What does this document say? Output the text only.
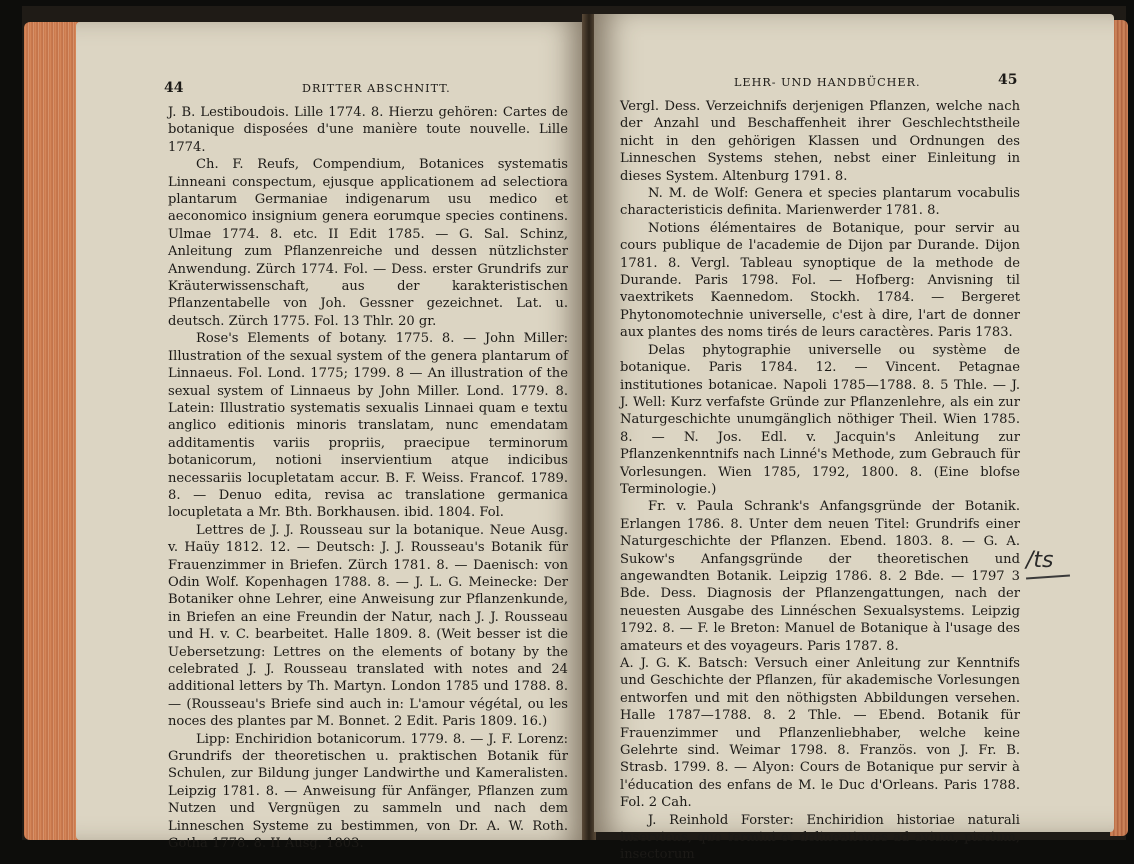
44	DRITTER ABSCHNITT.

J. B. Lestiboudois. Lille 1774. 8. Hierzu gehören: Cartes de botanique disposées d'une manière toute nouvelle. Lille 1774.

Ch. F. Reufs, Compendium, Botanices systematis Linneani conspectum, ejusque applicationem ad selectiora plantarum Germaniae indigenarum usu medico et aeconomico insignium genera eorumque species continens. Ulmae 1774. 8. etc. II Edit 1785. — G. Sal. Schinz, Anleitung zum Pflanzenreiche und dessen nützlichster Anwendung. Zürch 1774. Fol. — Dess. erster Grundrifs zur Kräuterwissenschaft, aus der karakteristischen Pflanzentabelle von Joh. Gessner gezeichnet. Lat. u. deutsch. Zürch 1775. Fol. 13 Thlr. 20 gr.

Rose's Elements of botany. 1775. 8. — John Miller: Illustration of the sexual system of the genera plantarum of Linnaeus. Fol. Lond. 1775; 1799. 8 — An illustration of the sexual system of Linnaeus by John Miller. Lond. 1779. 8. Latein: Illustratio systematis sexualis Linnaei quam e textu anglico editionis minoris translatam, nunc emendatam additamentis variis propriis, praecipue terminorum botanicorum, notioni inservientium atque indicibus necessariis locupletatam accur. B. F. Weiss. Francof. 1789. 8. — Denuo edita, revisa ac translatione germanica locupletata a Mr. Bth. Borkhausen. ibid. 1804. Fol.

Lettres de J. J. Rousseau sur la botanique. Neue Ausg. v. Haüy 1812. 12. — Deutsch: J. J. Rousseau's Botanik für Frauenzimmer in Briefen. Zürch 1781. 8. — Daenisch: von Odin Wolf. Kopenhagen 1788. 8. — J. L. G. Meinecke: Der Botaniker ohne Lehrer, eine Anweisung zur Pflanzenkunde, in Briefen an eine Freundin der Natur, nach J. J. Rousseau und H. v. C. bearbeitet. Halle 1809. 8. (Weit besser ist die Uebersetzung: Lettres on the elements of botany by the celebrated J. J. Rousseau translated with notes and 24 additional letters by Th. Martyn. London 1785 und 1788. 8. — (Rousseau's Briefe sind auch in: L'amour végétal, ou les noces des plantes par M. Bonnet. 2 Edit. Paris 1809. 16.)

Lipp: Enchiridion botanicorum. 1779. 8. — J. F. Lorenz: Grundrifs der theoretischen u. praktischen Botanik für Schulen, zur Bildung junger Landwirthe und Kameralisten. Leipzig 1781. 8. — Anweisung für Anfänger, Pflanzen zum Nutzen und Vergnügen zu sammeln und nach dem Linneschen Systeme zu bestimmen, von Dr. A. W. Roth. Gotha 1778. 8. II Ausg. 1803.

LEHR- UND HANDBÜCHER.	45

Vergl. Dess. Verzeichnifs derjenigen Pflanzen, welche nach der Anzahl und Beschaffenheit ihrer Geschlechtstheile nicht in den gehörigen Klassen und Ordnungen des Linneschen Systems stehen, nebst einer Einleitung in dieses System. Altenburg 1791. 8.

N. M. de Wolf: Genera et species plantarum vocabulis characteristicis definita. Marienwerder 1781. 8.

Notions élémentaires de Botanique, pour servir au cours publique de l'academie de Dijon par Durande. Dijon 1781. 8. Vergl. Tableau synoptique de la methode de Durande. Paris 1798. Fol. — Hofberg: Anvisning til vaextrikets Kaennedom. Stockh. 1784. — Bergeret Phytonomotechnie universelle, c'est à dire, l'art de donner aux plantes des noms tirés de leurs caractères. Paris 1783.

Delas phytographie universelle ou système de botanique. Paris 1784. 12. — Vincent. Petagnae institutiones botanicae. Napoli 1785—1788. 8. 5 Thle. — J. J. Well: Kurz verfafste Gründe zur Pflanzenlehre, als ein zur Naturgeschichte unumgänglich nöthiger Theil. Wien 1785. 8. — N. Jos. Edl. v. Jacquin's Anleitung zur Pflanzenkenntnifs nach Linné's Methode, zum Gebrauch für Vorlesungen. Wien 1785, 1792, 1800. 8. (Eine blofse Terminologie.)

Fr. v. Paula Schrank's Anfangsgründe der Botanik. Erlangen 1786. 8. Unter dem neuen Titel: Grundrifs einer Naturgeschichte der Pflanzen. Ebend. 1803. 8. — G. A. Sukow's Anfangsgründe der theoretischen und angewandten Botanik. Leipzig 1786. 8. 2 Bde. — 1797 3 Bde. Dess. Diagnosis der Pflanzengattungen, nach der neuesten Ausgabe des Linnéschen Sexualsystems. Leipzig 1792. 8. — F. le Breton: Manuel de Botanique à l'usage des amateurs et des voyageurs. Paris 1787. 8.

A. J. G. K. Batsch: Versuch einer Anleitung zur Kenntnifs und Geschichte der Pflanzen, für akademische Vorlesungen entworfen und mit den nöthigsten Abbildungen versehen. Halle 1787—1788. 8. 2 Thle. — Ebend. Botanik für Frauenzimmer und Pflanzenliebhaber, welche keine Gelehrte sind. Weimar 1798. 8. Französ. von J. Fr. B. Strasb. 1799. 8. — Alyon: Cours de Botanique pur servir à l'éducation des enfans de M. le Duc d'Orleans. Paris 1788. Fol. 2 Cah.

J. Reinhold Forster: Enchiridion historiae naturali inserviens, quo termini et delineationes ad avium, piscium, insectorum

/ts
